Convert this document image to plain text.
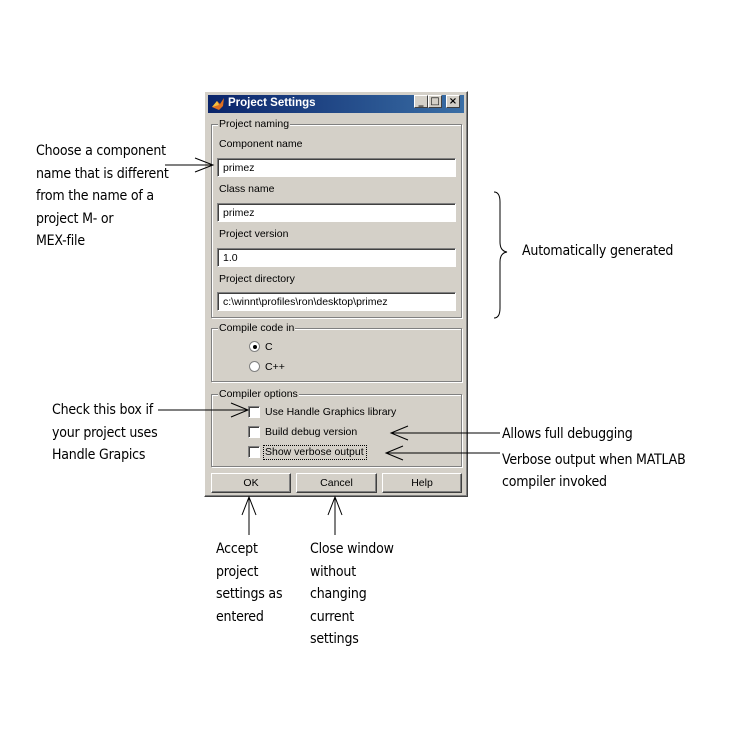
Choose a component
name that is different
from the name of a
project M- or
MEX-file
Automatically generated
Check this box if
your project uses
Handle Grapics
Allows full debugging
Verbose output when MATLAB
compiler invoked
Accept
project
settings as
entered
Close window
without
changing
current
settings
Project Settings	_ □ ×
Project naming
Component name
primez
Class name
primez
Project version
1.0
Project directory
c:\winnt\profiles\ron\desktop\primez
Compile code in
C
C++
Compiler options
Use Handle Graphics library
Build debug version
Show verbose output
OK	Cancel	Help
